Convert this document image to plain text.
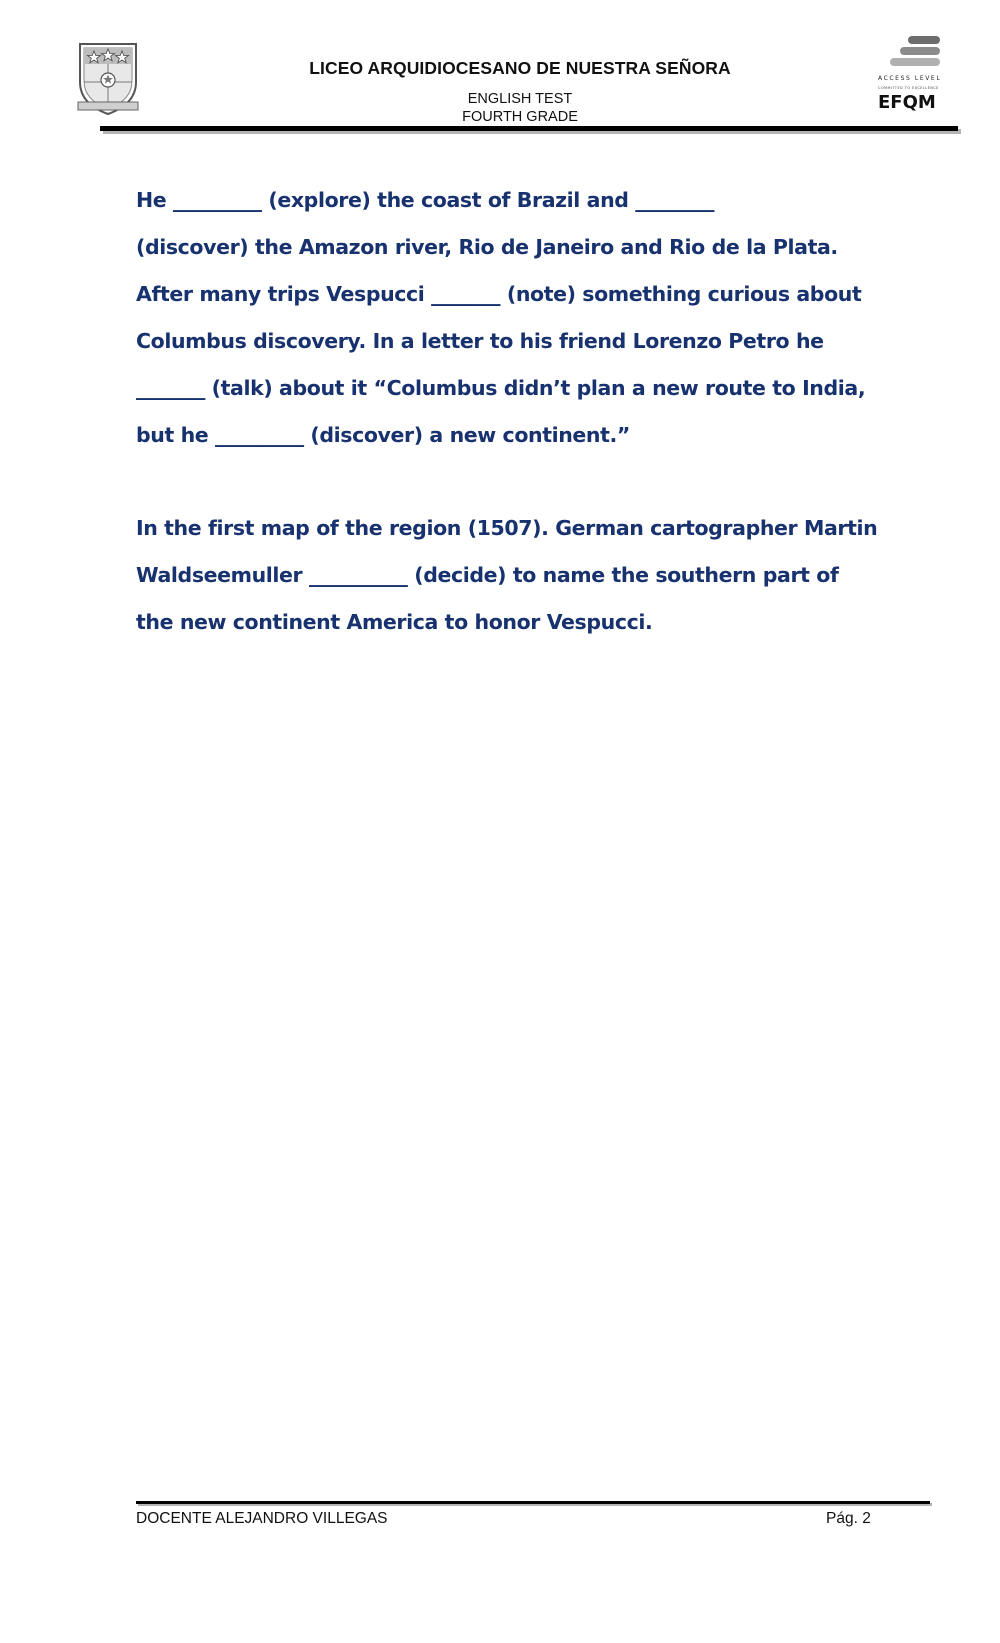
LICEO ARQUIDIOCESANO DE NUESTRA SEÑORA
ENGLISH TEST
FOURTH GRADE
ACCESS LEVEL
COMMITTED TO EXCELLENCE
EFQM
He _________ (explore) the coast of Brazil and ________
(discover) the Amazon river, Rio de Janeiro and Rio de la Plata.
After many trips Vespucci _______ (note) something curious about
Columbus discovery. In a letter to his friend Lorenzo Petro he
_______ (talk) about it “Columbus didn’t plan a new route to India,
but he _________ (discover) a new continent.”
In the first map of the region (1507). German cartographer Martin
Waldseemuller __________ (decide) to name the southern part of
the new continent America to honor Vespucci.
DOCENTE ALEJANDRO VILLEGAS	Pág. 2
